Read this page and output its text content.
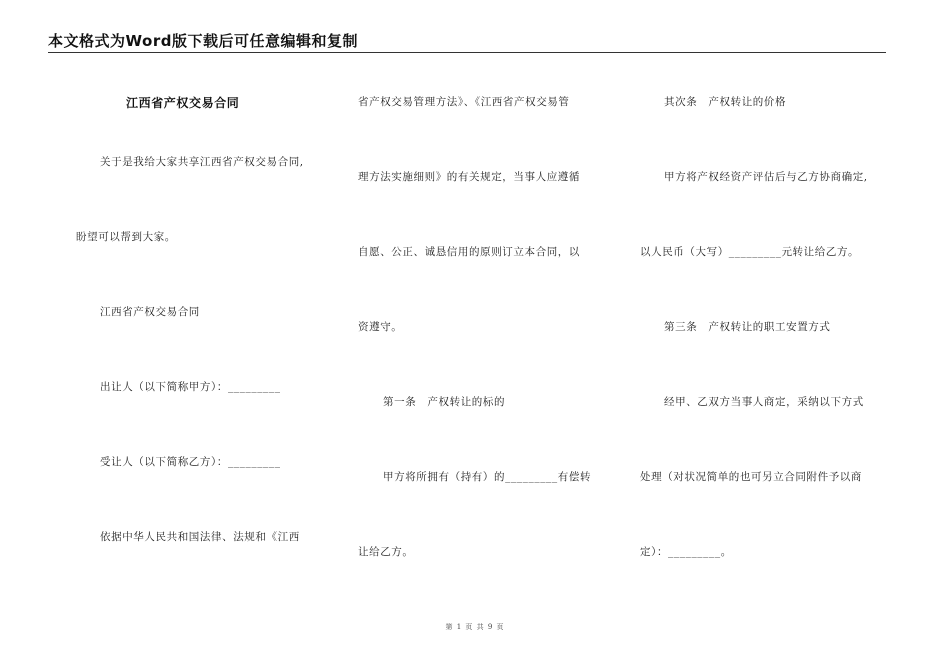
本文格式为Word版下载后可任意编辑和复制
江西省产权交易合同
关于是我给大家共享江西省产权交易合同,
盼望可以帮到大家。
江西省产权交易合同
出让人（以下简称甲方）：_________
受让人（以下简称乙方）：_________
依据中华人民共和国法律、法规和《江西
省产权交易管理方法》、《江西省产权交易管
理方法实施细则》的有关规定，当事人应遵循
自愿、公正、诚恳信用的原则订立本合同，以
资遵守。
第一条　产权转让的标的
甲方将所拥有（持有）的_________有偿转
让给乙方。
其次条　产权转让的价格
甲方将产权经资产评估后与乙方协商确定,
以人民币（大写）_________元转让给乙方。
第三条　产权转让的职工安置方式
经甲、乙双方当事人商定，采纳以下方式
处理（对状况简单的也可另立合同附件予以商
定）：_________。
第 1 页 共 9 页
